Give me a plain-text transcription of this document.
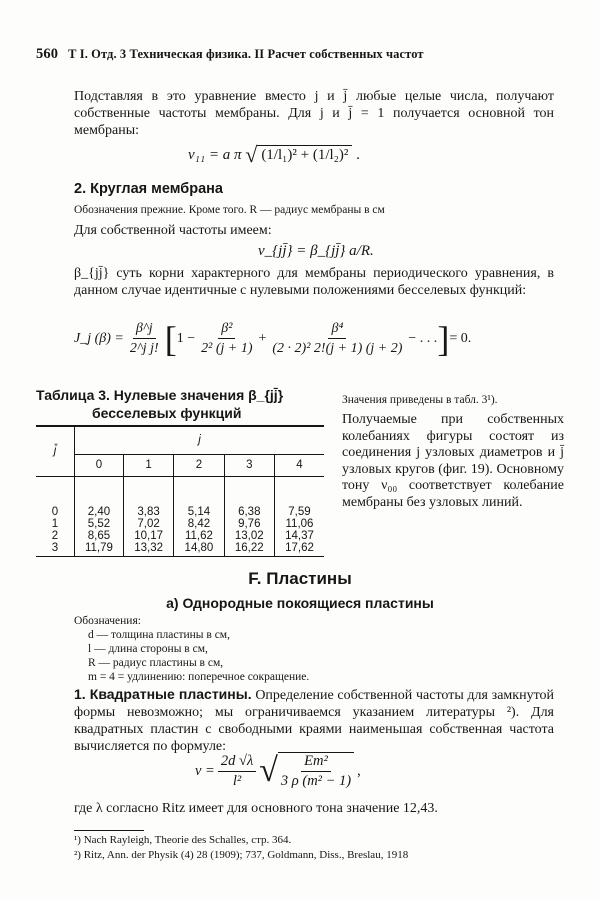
560 Т I. Отд. 3 Техническая физика. II Расчет собственных частот
Подставляя в это уравнение вместо j и j̄ любые целые числа, получают собственные частоты мембраны. Для j и j̄ = 1 получается основной тон мембраны:
ν₁₁ = a π √ (1/l₁)² + (1/l₂)² .
2. Круглая мембрана
Обозначения прежние. Кроме того. R — радиус мембраны в см
Для собственной частоты имеем:
ν_{jj̄} = β_{jj̄} a/R.
β_{jj̄} суть корни характерного для мембраны периодического уравнения, в данном случае идентичные с нулевыми положениями бесселевых функций:
J_j $(\beta) = \frac{\beta\^{}j}{\text{2\textasciicircum{}j j!}}$ [ $1 - \frac{\text{β²}}{\text{2² (j + 1)}} + \frac{\text{β⁴}}{\text{(2 · 2)² 2!(j + 1) (j + 2)}}$ − . . . ] = 0.
Таблица 3. Нулевые значения β_{jj̄}
бесселевых функций
Значения приведены в табл. 3¹).
Получаемые при собственных колебаниях фигуры состоят из соединения j узловых диаметров и j̄ узловых кругов (фиг. 19). Основному тону ν₀₀ соответствует колебание мембраны без узловых линий.
j̄	j				
	0	1	2	3	4

0	2,40	3,83	5,14	6,38	7,59
1	5,52	7,02	8,42	9,76	11,06
2	8,65	10,17	11,62	13,02	14,37
3	11,79	13,32	14,80	16,22	17,62
F. Пластины
a) Однородные покоящиеся пластины
Обозначения:
d — толщина пластины в см,
l — длина стороны в см,
R — радиус пластины в см,
m = 4 = удлинению: поперечное сокращение.
1. Квадратные пластины. Определение собственной частоты для замкнутой формы невозможно; мы ограничиваемся указанием литературы ²). Для квадратных пластин с свободными краями наименьшая собственная частота вычисляется по формуле:
$\nu = \frac{2d √\lambda}{\text{l²}}$ √ $\frac{\text{Em²}}{\text{3 ρ (m² − 1)}}$ ,
где λ согласно Ritz имеет для основного тона значение 12,43.
¹) Nach Rayleigh, Theorie des Schalles, стр. 364.
²) Ritz, Ann. der Physik (4) 28 (1909); 737, Goldmann, Diss., Breslau, 1918
